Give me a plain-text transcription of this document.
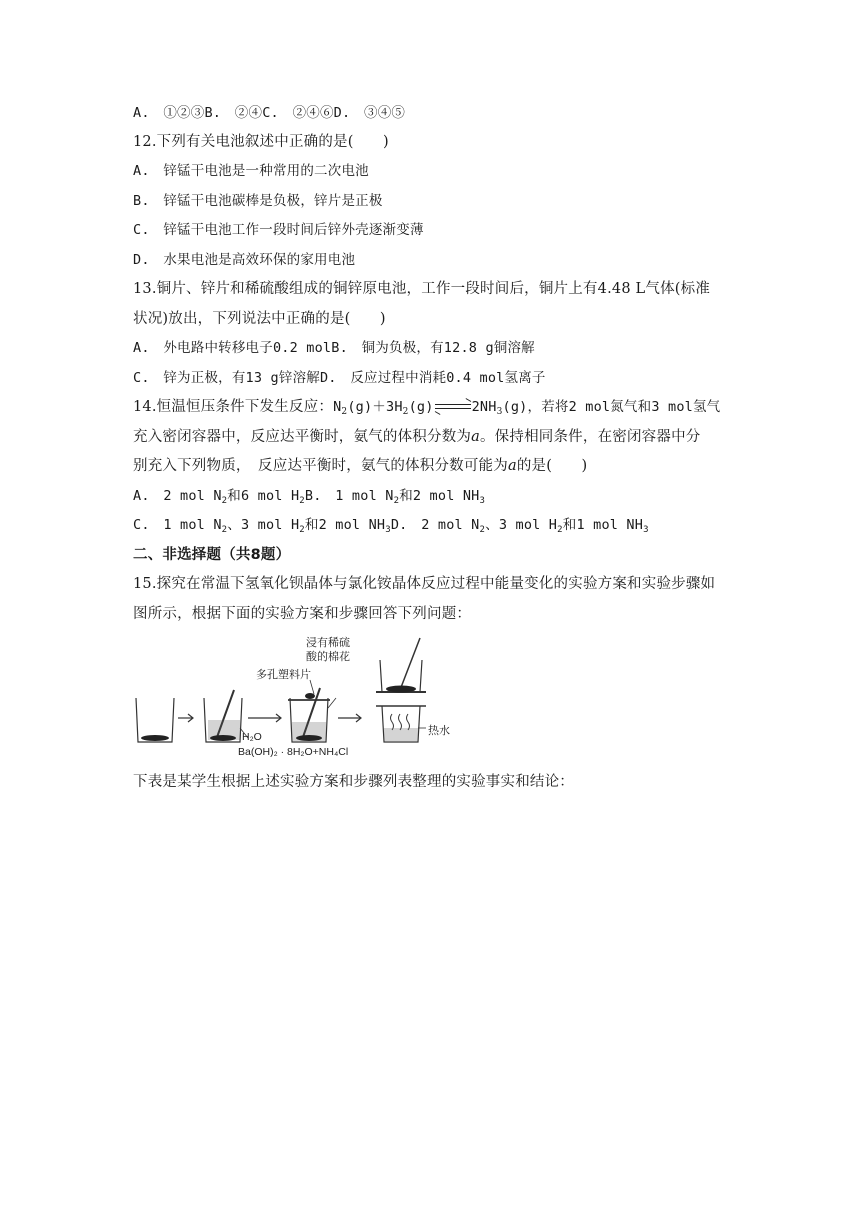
A.　①②③B.　②④C.　②④⑥D.　③④⑤
12.下列有关电池叙述中正确的是(　　)
A.　锌锰干电池是一种常用的二次电池
B.　锌锰干电池碳棒是负极，锌片是正极
C.　锌锰干电池工作一段时间后锌外壳逐渐变薄
D.　水果电池是高效环保的家用电池
13.铜片、锌片和稀硫酸组成的铜锌原电池，工作一段时间后，铜片上有4.48 L气体(标准
状况)放出，下列说法中正确的是(　　)
A.　外电路中转移电子0.2 molB.　铜为负极，有12.8 g铜溶解
C.　锌为正极，有13 g锌溶解D.　反应过程中消耗0.4 mol氢离子
14.恒温恒压条件下发生反应：$N_2(g)+3H_2(g)\rightleftharpoons 2NH_3(g)$，若将2 mol氮气和3 mol氢气
充入密闭容器中，反应达平衡时，氨气的体积分数为a。保持相同条件，在密闭容器中分
别充入下列物质，　反应达平衡时，氨气的体积分数可能为a的是(　　)
A.　2 mol $N_2$和6 mol $H_2B$.　1 mol $N_2$和2 mol $NH_3$
C.　1 mol $N_2$、3 mol $H_2$和2 mol $NH_3D$.　2 mol $N_2$、3 mol $H_2$和1 mol $NH_3$
二、非选择题（共8题）
15.探究在常温下氢氧化钡晶体与氯化铵晶体反应过程中能量变化的实验方案和实验步骤如
图所示，根据下面的实验方案和步骤回答下列问题：
浸有稀硫
酸的棉花
多孔塑料片
H₂O
Ba(OH)₂ · 8H₂O+NH₄Cl
热水
下表是某学生根据上述实验方案和步骤列表整理的实验事实和结论：
